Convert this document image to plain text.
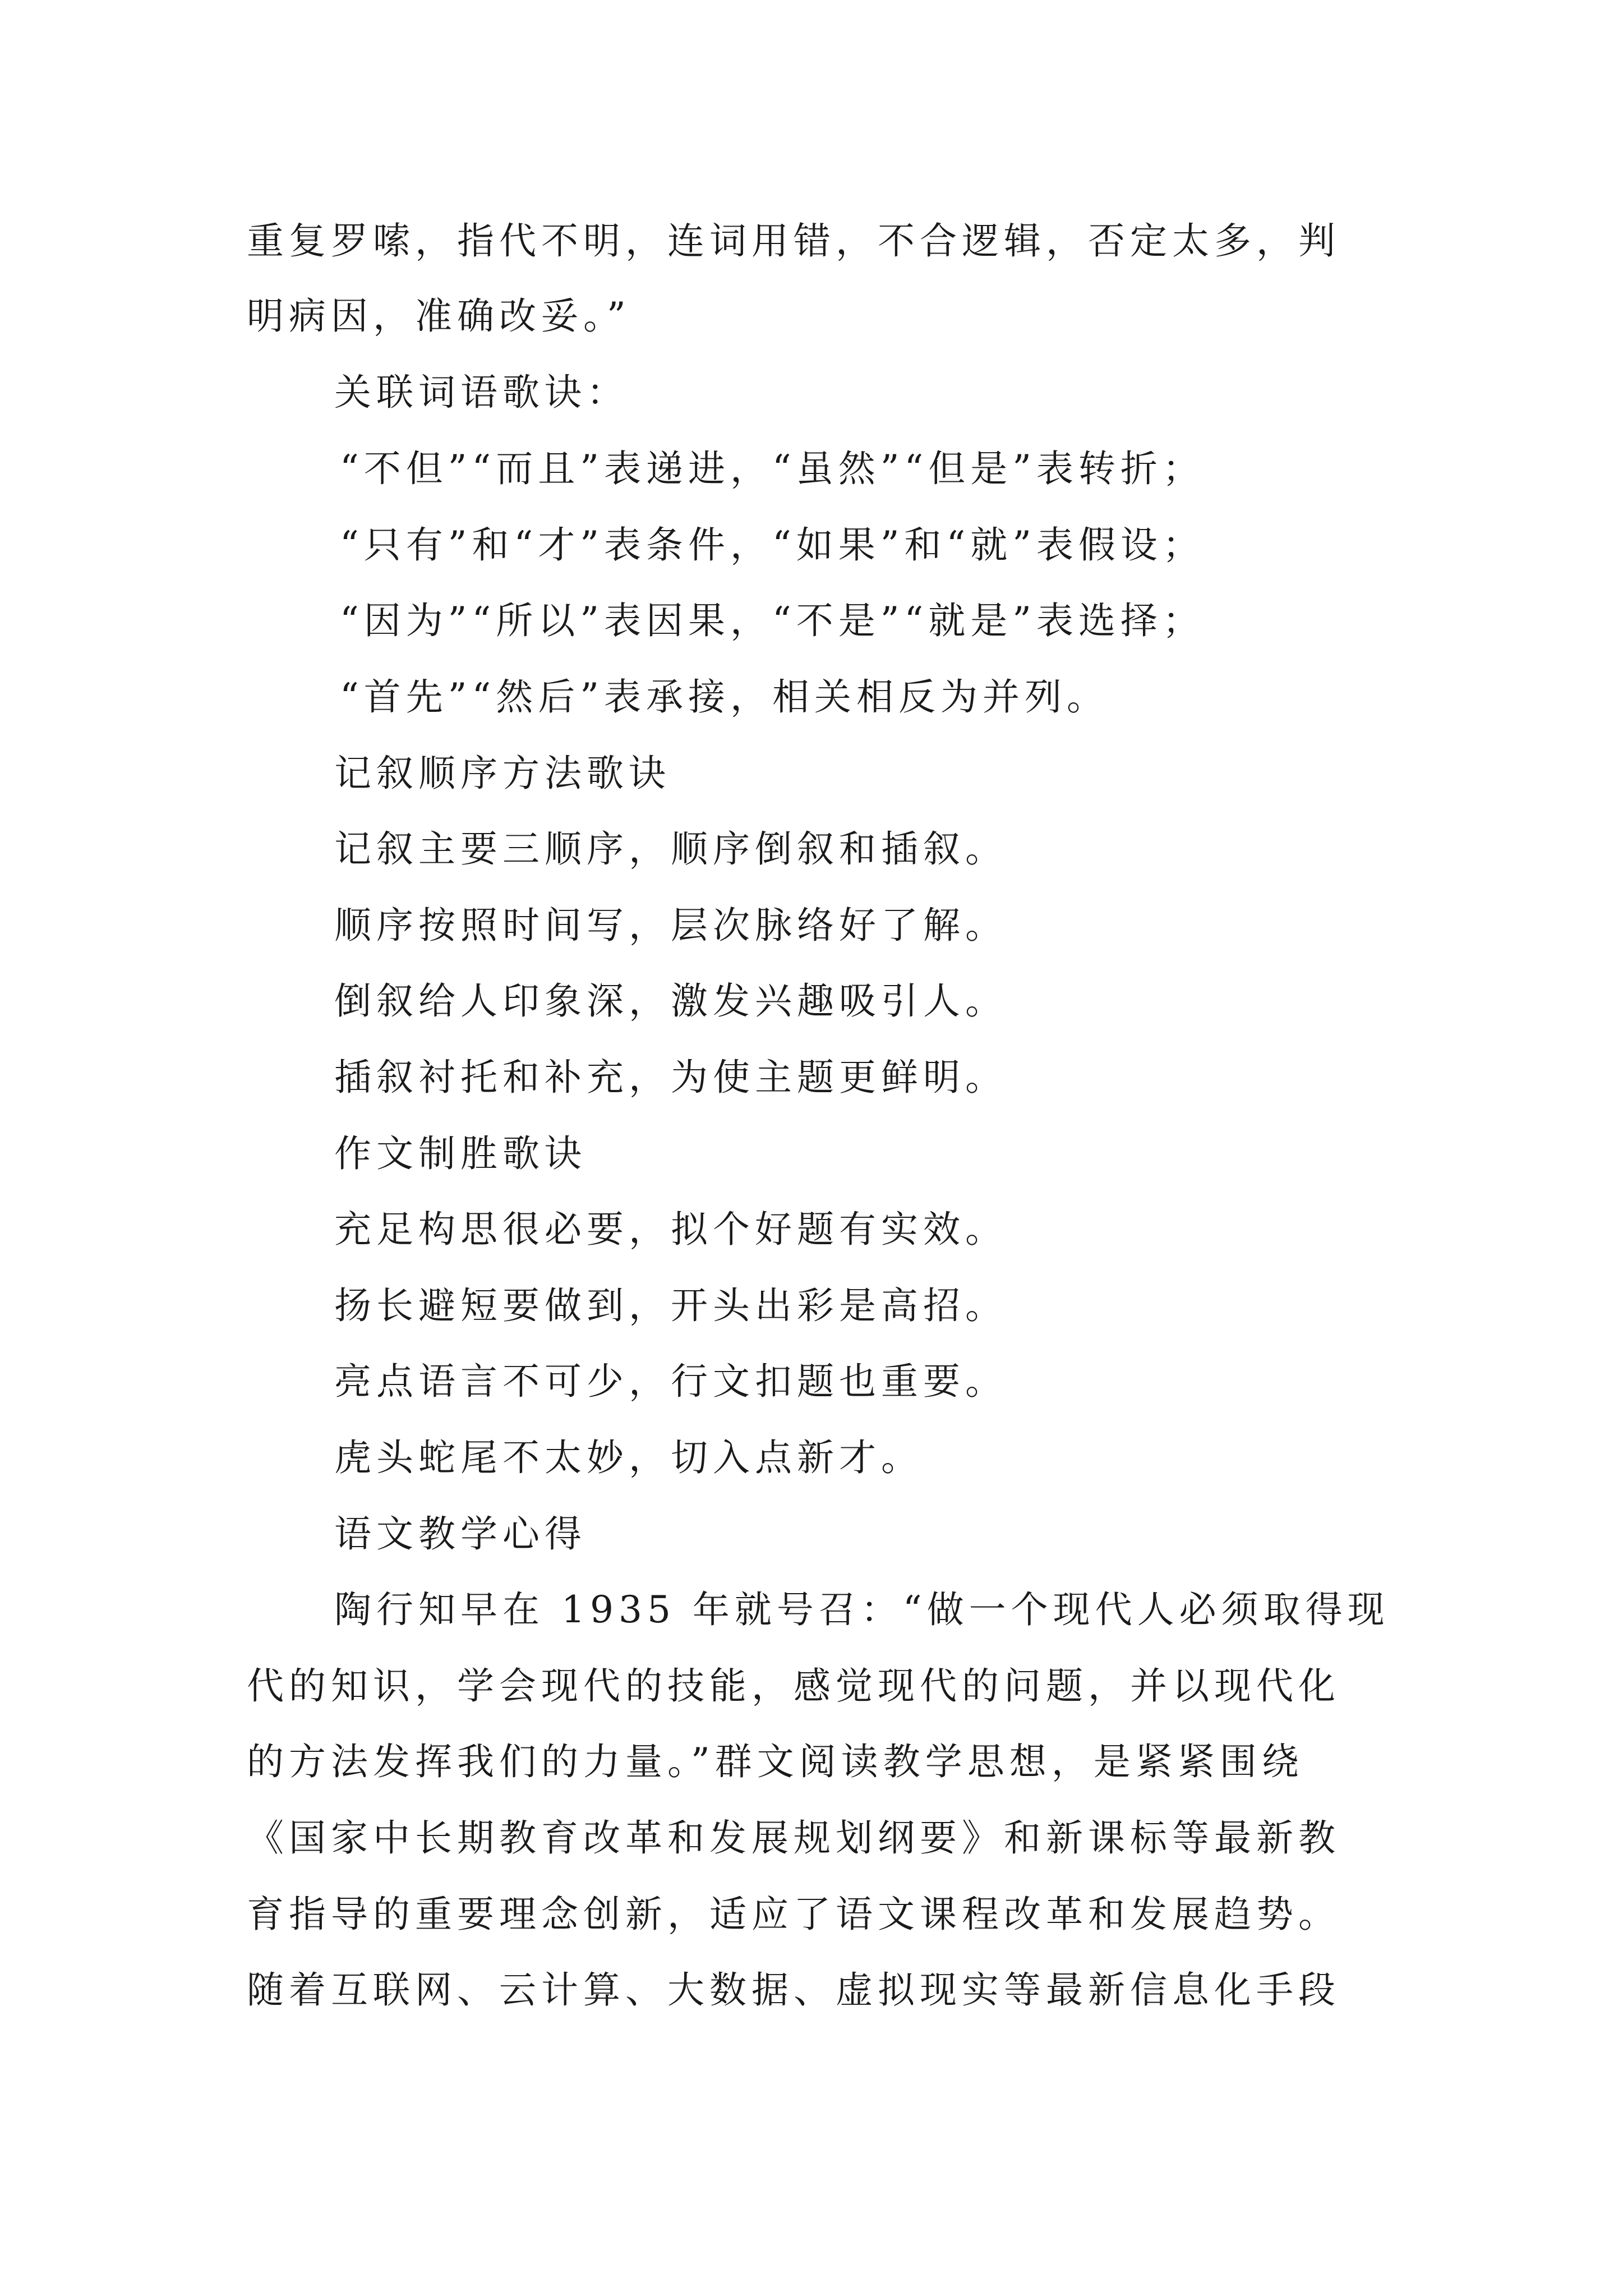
重复罗嗦，指代不明，连词用错，不合逻辑，否定太多，判
明病因，准确改妥。”
关联词语歌诀：
“不但”“而且”表递进，“虽然”“但是”表转折；
“只有”和“才”表条件，“如果”和“就”表假设；
“因为”“所以”表因果，“不是”“就是”表选择；
“首先”“然后”表承接，相关相反为并列。
记叙顺序方法歌诀
记叙主要三顺序，顺序倒叙和插叙。
顺序按照时间写，层次脉络好了解。
倒叙给人印象深，激发兴趣吸引人。
插叙衬托和补充，为使主题更鲜明。
作文制胜歌诀
充足构思很必要，拟个好题有实效。
扬长避短要做到，开头出彩是高招。
亮点语言不可少，行文扣题也重要。
虎头蛇尾不太妙，切入点新才。
语文教学心得
陶行知早在 1935 年就号召：“做一个现代人必须取得现
代的知识，学会现代的技能，感觉现代的问题，并以现代化
的方法发挥我们的力量。”群文阅读教学思想，是紧紧围绕
《国家中长期教育改革和发展规划纲要》和新课标等最新教
育指导的重要理念创新，适应了语文课程改革和发展趋势。
随着互联网、云计算、大数据、虚拟现实等最新信息化手段
